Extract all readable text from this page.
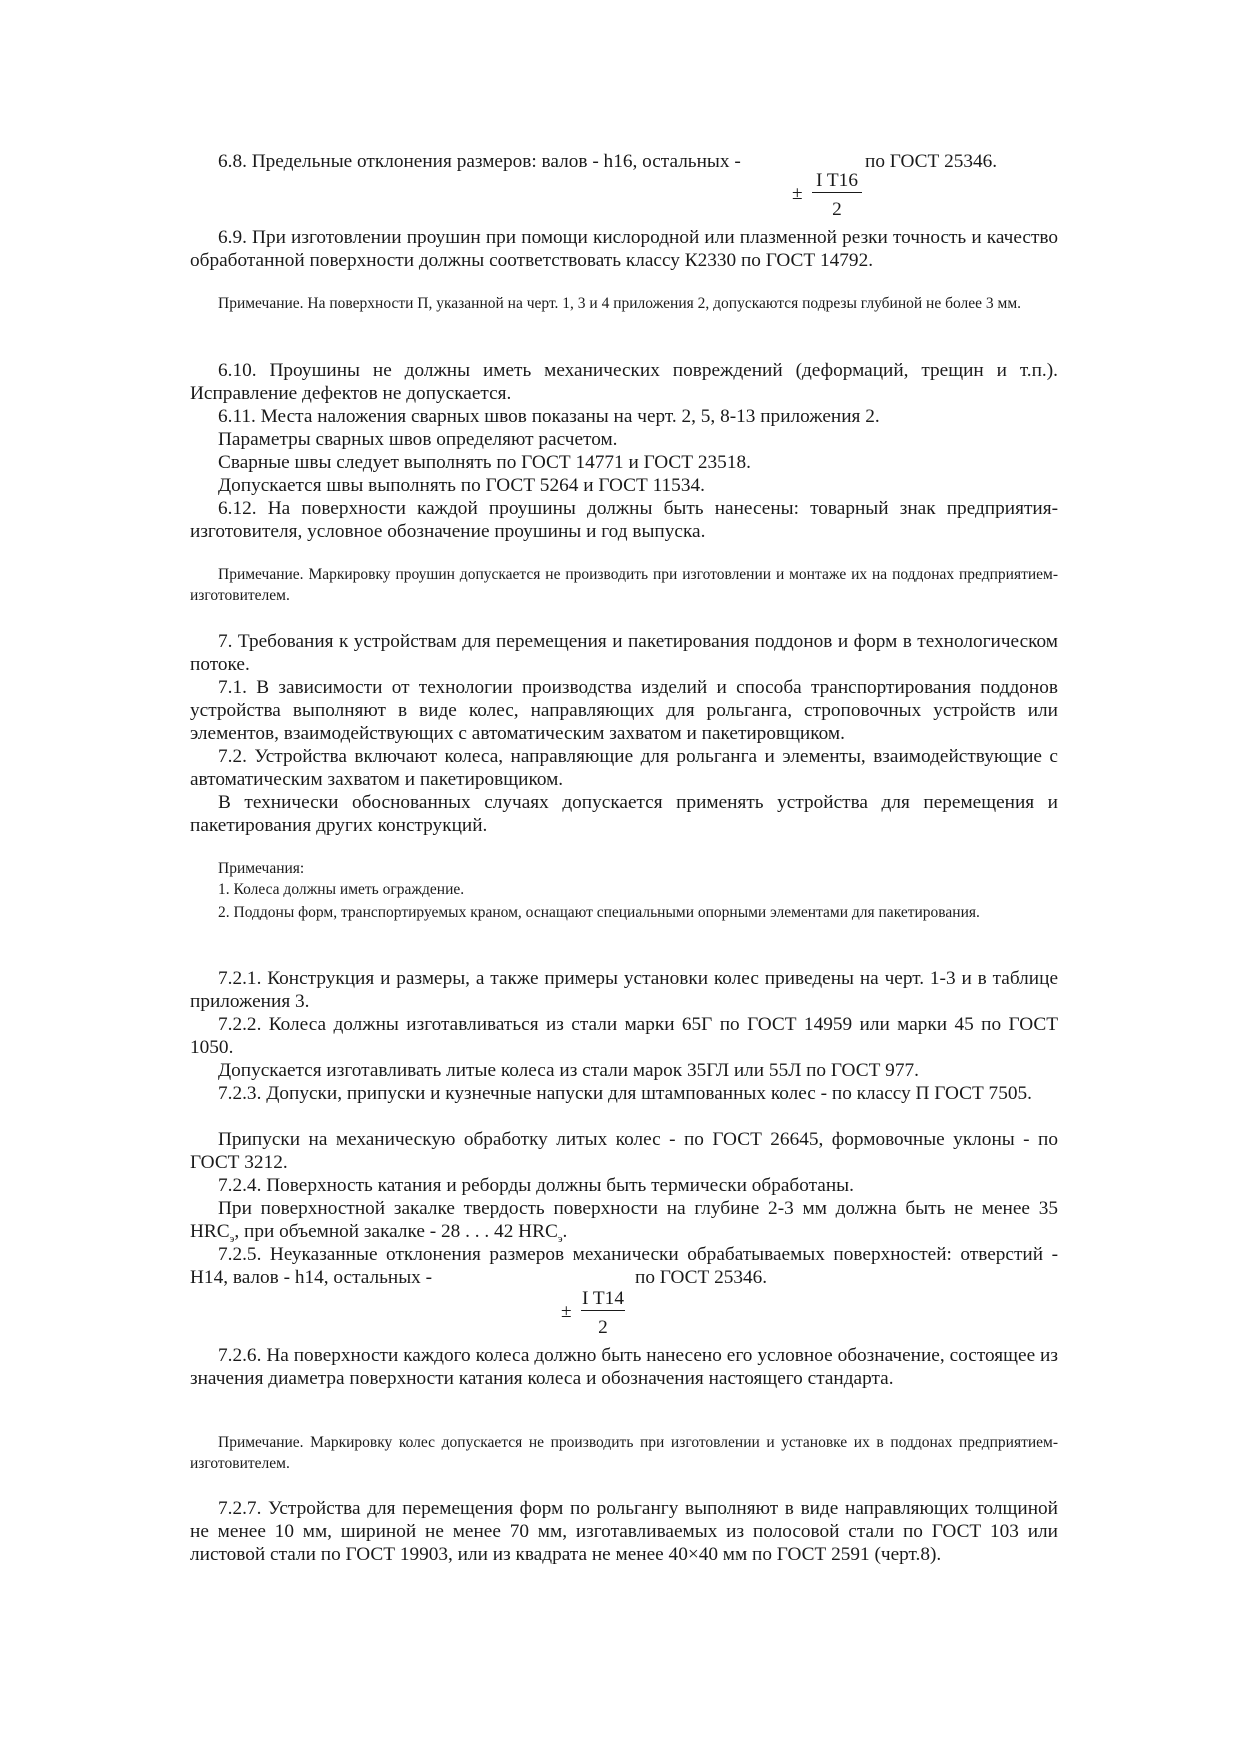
6.8. Предельные отклонения размеров: валов - h16, остальных -	по ГОСТ 25346.
±
I T16
2

6.9. При изготовлении проушин при помощи кислородной или плазменной резки точность и качество обработанной поверхности должны соответствовать классу К2330 по ГОСТ 14792.

Примечание. На поверхности П, указанной на черт. 1, 3 и 4 приложения 2, допускаются подрезы глубиной не более 3 мм.

6.10. Проушины не должны иметь механических повреждений (деформаций, трещин и т.п.). Исправление дефектов не допускается.

6.11. Места наложения сварных швов показаны на черт. 2, 5, 8-13 приложения 2.

Параметры сварных швов определяют расчетом.

Сварные швы следует выполнять по ГОСТ 14771 и ГОСТ 23518.

Допускается швы выполнять по ГОСТ 5264 и ГОСТ 11534.

6.12. На поверхности каждой проушины должны быть нанесены: товарный знак предприятия-изготовителя, условное обозначение проушины и год выпуска.

Примечание. Маркировку проушин допускается не производить при изготовлении и монтаже их на поддонах предприятием-изготовителем.

7. Требования к устройствам для перемещения и пакетирования поддонов и форм в технологическом потоке.

7.1. В зависимости от технологии производства изделий и способа транспортирования поддонов устройства выполняют в виде колес, направляющих для рольганга, строповочных устройств или элементов, взаимодействующих с автоматическим захватом и пакетировщиком.

7.2. Устройства включают колеса, направляющие для рольганга и элементы, взаимодействующие с автоматическим захватом и пакетировщиком.

В технически обоснованных случаях допускается применять устройства для перемещения и пакетирования других конструкций.

Примечания:

1. Колеса должны иметь ограждение.

2. Поддоны форм, транспортируемых краном, оснащают специальными опорными элементами для пакетирования.

7.2.1. Конструкция и размеры, а также примеры установки колес приведены на черт. 1-3 и в таблице приложения 3.

7.2.2. Колеса должны изготавливаться из стали марки 65Г по ГОСТ 14959 или марки 45 по ГОСТ 1050.

Допускается изготавливать литые колеса из стали марок 35ГЛ или 55Л по ГОСТ 977.

7.2.3. Допуски, припуски и кузнечные напуски для штампованных колес - по классу П ГОСТ 7505.

Припуски на механическую обработку литых колес - по ГОСТ 26645, формовочные уклоны - по ГОСТ 3212.

7.2.4. Поверхность катания и реборды должны быть термически обработаны.

При поверхностной закалке твердость поверхности на глубине 2-3 мм должна быть не менее 35 $HRC_э$, при объемной закалке - 28 . . . 42 $HRC_э$.

7.2.5. Неуказанные отклонения размеров механически обрабатываемых поверхностей: отверстий - H14, валов - h14, остальных -	по ГОСТ 25346.
±
I T14
2

7.2.6. На поверхности каждого колеса должно быть нанесено его условное обозначение, состоящее из значения диаметра поверхности катания колеса и обозначения настоящего стандарта.

Примечание. Маркировку колес допускается не производить при изготовлении и установке их в поддонах предприятием-изготовителем.

7.2.7. Устройства для перемещения форм по рольгангу выполняют в виде направляющих толщиной не менее 10 мм, шириной не менее 70 мм, изготавливаемых из полосовой стали по ГОСТ 103 или листовой стали по ГОСТ 19903, или из квадрата не менее 40×40 мм по ГОСТ 2591 (черт.8).
